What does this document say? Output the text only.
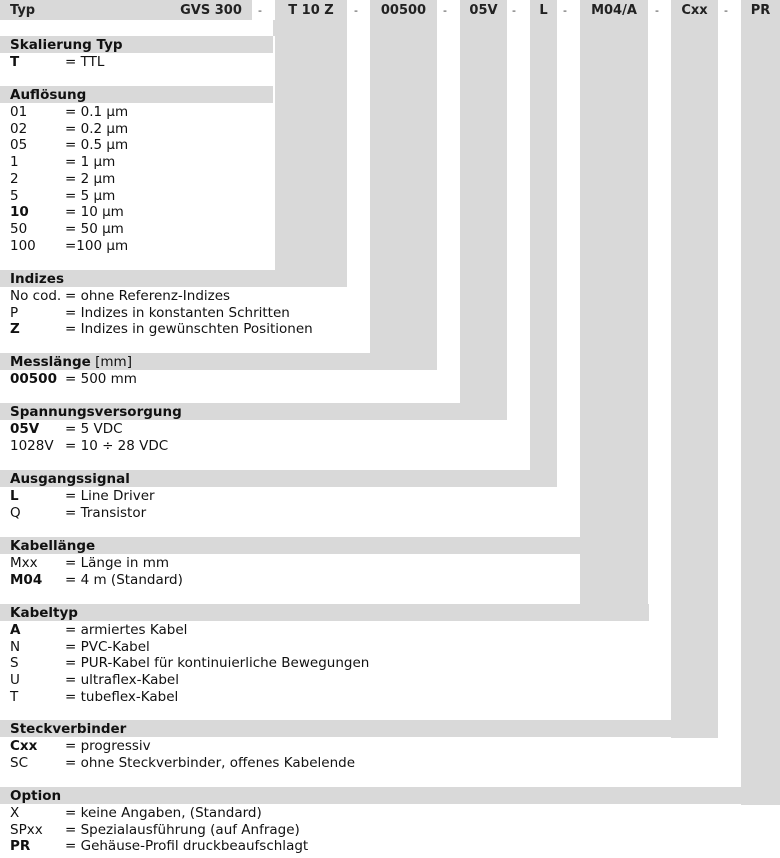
Typ	GVS 300	T 10 Z	00500	05V	L	M04/A	Cxx	PR
-	-	-	-	-	-	-
Skalierung Typ
T	= TTL
Auflösung
01	= 0.1 µm
02	= 0.2 µm
05	= 0.5 µm
1	= 1 µm
2	= 2 µm
5	= 5 µm
10	= 10 µm
50	= 50 µm
100 =100 µm
Indizes
No cod. = ohne Referenz-Indizes
P	= Indizes in konstanten Schritten
Z	= Indizes in gewünschten Positionen
Messlänge [mm]
00500 = 500 mm
Spannungsversorgung
05V = 5 VDC
1028V = 10 ÷ 28 VDC
Ausgangssignal
L	= Line Driver
Q	= Transistor
Kabellänge
Mxx = Länge in mm
M04 = 4 m (Standard)
Kabeltyp
A	= armiertes Kabel
N	= PVC-Kabel
S	= PUR-Kabel für kontinuierliche Bewegungen
U	= ultraflex-Kabel
T	= tubeflex-Kabel
Steckverbinder
Cxx = progressiv
SC	= ohne Steckverbinder, offenes Kabelende
Option
X	= keine Angaben, (Standard)
SPxx = Spezialausführung (auf Anfrage)
PR	= Gehäuse-Profil druckbeaufschlagt
